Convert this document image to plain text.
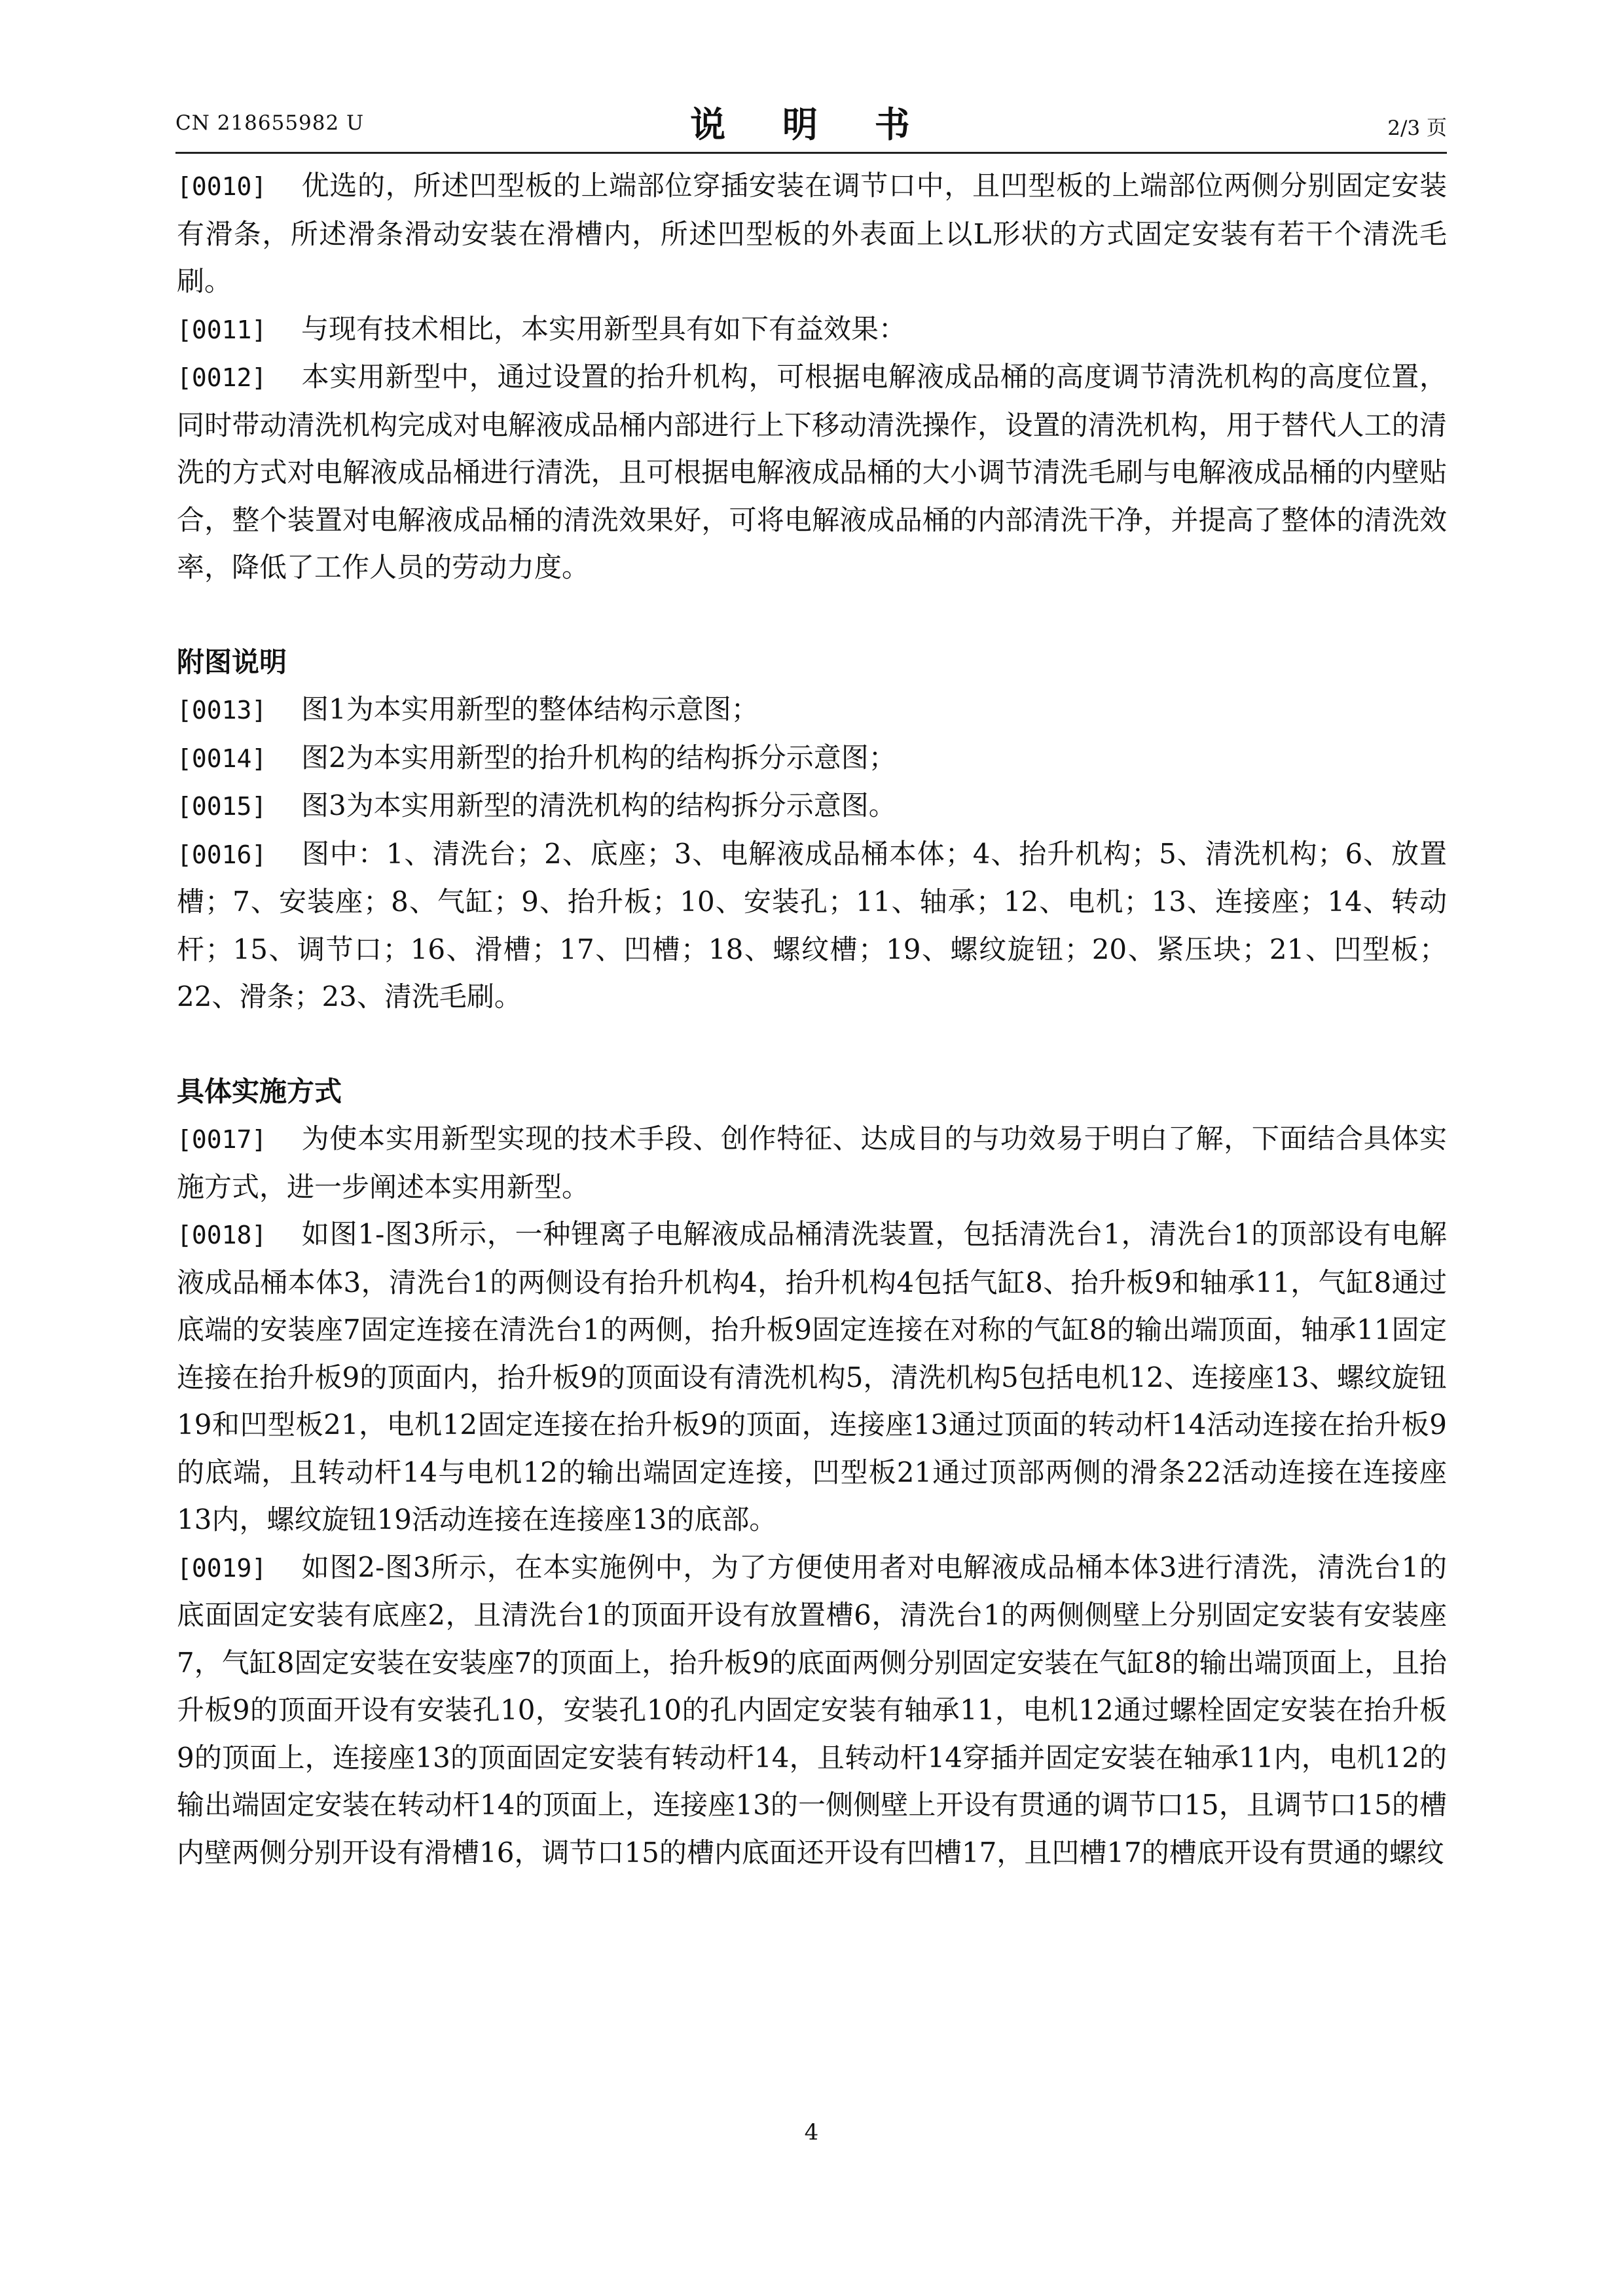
CN 218655982 U	说 明 书	2/3 页

[0010] 优选的，所述凹型板的上端部位穿插安装在调节口中，且凹型板的上端部位两侧分别固定安装有滑条，所述滑条滑动安装在滑槽内，所述凹型板的外表面上以L形状的方式固定安装有若干个清洗毛刷。

[0011] 与现有技术相比，本实用新型具有如下有益效果：

[0012] 本实用新型中，通过设置的抬升机构，可根据电解液成品桶的高度调节清洗机构的高度位置，同时带动清洗机构完成对电解液成品桶内部进行上下移动清洗操作，设置的清洗机构，用于替代人工的清洗的方式对电解液成品桶进行清洗，且可根据电解液成品桶的大小调节清洗毛刷与电解液成品桶的内壁贴合，整个装置对电解液成品桶的清洗效果好，可将电解液成品桶的内部清洗干净，并提高了整体的清洗效率，降低了工作人员的劳动力度。

附图说明

[0013] 图1为本实用新型的整体结构示意图；

[0014] 图2为本实用新型的抬升机构的结构拆分示意图；

[0015] 图3为本实用新型的清洗机构的结构拆分示意图。

[0016] 图中：1、清洗台；2、底座；3、电解液成品桶本体；4、抬升机构；5、清洗机构；6、放置槽；7、安装座；8、气缸；9、抬升板；10、安装孔；11、轴承；12、电机；13、连接座；14、转动杆；15、调节口；16、滑槽；17、凹槽；18、螺纹槽；19、螺纹旋钮；20、紧压块；21、凹型板；22、滑条；23、清洗毛刷。

具体实施方式

[0017] 为使本实用新型实现的技术手段、创作特征、达成目的与功效易于明白了解，下面结合具体实施方式，进一步阐述本实用新型。

[0018] 如图1-图3所示，一种锂离子电解液成品桶清洗装置，包括清洗台1，清洗台1的顶部设有电解液成品桶本体3，清洗台1的两侧设有抬升机构4，抬升机构4包括气缸8、抬升板9和轴承11，气缸8通过底端的安装座7固定连接在清洗台1的两侧，抬升板9固定连接在对称的气缸8的输出端顶面，轴承11固定连接在抬升板9的顶面内，抬升板9的顶面设有清洗机构5，清洗机构5包括电机12、连接座13、螺纹旋钮19和凹型板21，电机12固定连接在抬升板9的顶面，连接座13通过顶面的转动杆14活动连接在抬升板9的底端，且转动杆14与电机12的输出端固定连接，凹型板21通过顶部两侧的滑条22活动连接在连接座13内，螺纹旋钮19活动连接在连接座13的底部。

[0019] 如图2-图3所示，在本实施例中，为了方便使用者对电解液成品桶本体3进行清洗，清洗台1的底面固定安装有底座2，且清洗台1的顶面开设有放置槽6，清洗台1的两侧侧壁上分别固定安装有安装座7，气缸8固定安装在安装座7的顶面上，抬升板9的底面两侧分别固定安装在气缸8的输出端顶面上，且抬升板9的顶面开设有安装孔10，安装孔10的孔内固定安装有轴承11，电机12通过螺栓固定安装在抬升板9的顶面上，连接座13的顶面固定安装有转动杆14，且转动杆14穿插并固定安装在轴承11内，电机12的输出端固定安装在转动杆14的顶面上，连接座13的一侧侧壁上开设有贯通的调节口15，且调节口15的槽内壁两侧分别开设有滑槽16，调节口15的槽内底面还开设有凹槽17，且凹槽17的槽底开设有贯通的螺纹

4
